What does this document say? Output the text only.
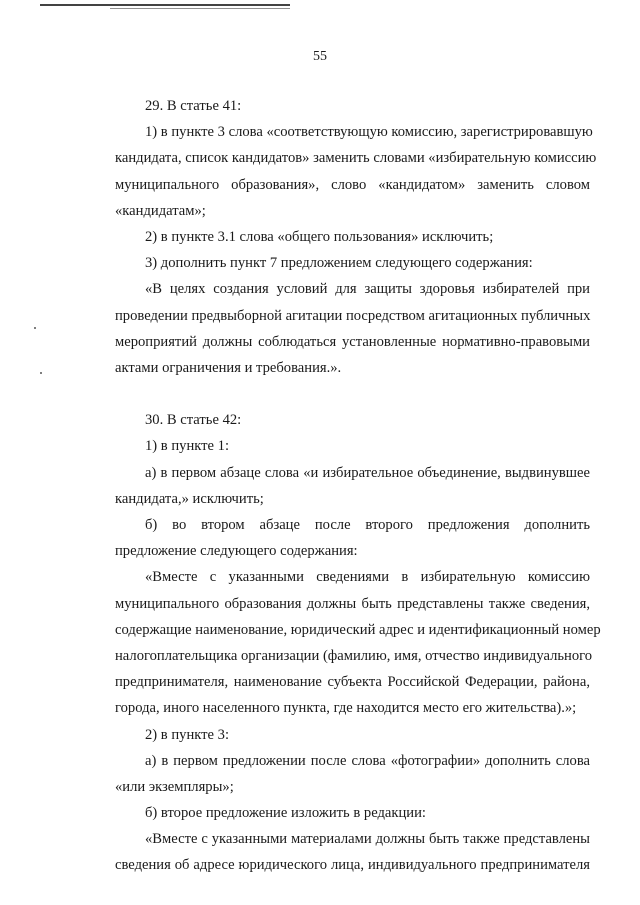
55
29. В статье 41:
1) в пункте 3 слова «соответствующую комиссию, зарегистрировавшую
кандидата, список кандидатов» заменить словами «избирательную комиссию
муниципального образования», слово «кандидатом» заменить словом
«кандидатам»;
2) в пункте 3.1 слова «общего пользования» исключить;
3) дополнить пункт 7 предложением следующего содержания:
«В целях создания условий для защиты здоровья избирателей при
проведении предвыборной агитации посредством агитационных публичных
мероприятий должны соблюдаться установленные нормативно-правовыми
актами ограничения и требования.».
30. В статье 42:
1) в пункте 1:
а) в первом абзаце слова «и избирательное объединение, выдвинувшее
кандидата,» исключить;
б) во втором абзаце после второго предложения дополнить
предложение следующего содержания:
«Вместе с указанными сведениями в избирательную комиссию
муниципального образования должны быть представлены также сведения,
содержащие наименование, юридический адрес и идентификационный номер
налогоплательщика организации (фамилию, имя, отчество индивидуального
предпринимателя, наименование субъекта Российской Федерации, района,
города, иного населенного пункта, где находится место его жительства).»;
2) в пункте 3:
а) в первом предложении после слова «фотографии» дополнить слова
«или экземпляры»;
б) второе предложение изложить в редакции:
«Вместе с указанными материалами должны быть также представлены
сведения об адресе юридического лица, индивидуального предпринимателя
